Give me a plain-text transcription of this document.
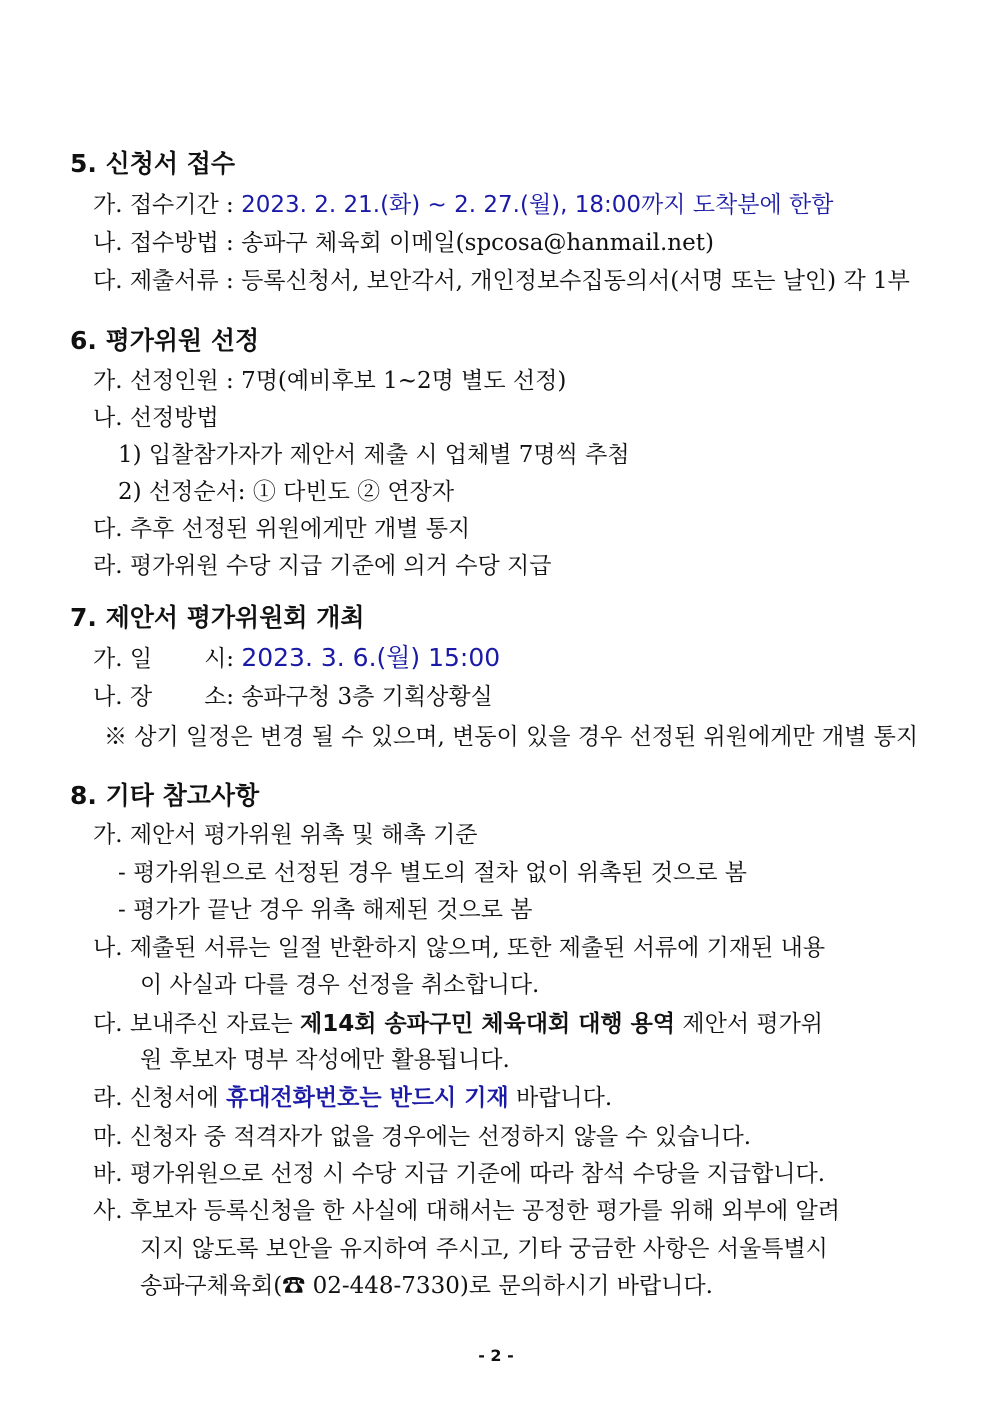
5. 신청서 접수
가. 접수기간 : 2023. 2. 21.(화) ~ 2. 27.(월), 18:00까지 도착분에 한함
나. 접수방법 : 송파구 체육회 이메일(spcosa@hanmail.net)
다. 제출서류 : 등록신청서, 보안각서, 개인정보수집동의서(서명 또는 날인) 각 1부
6. 평가위원 선정
가. 선정인원 : 7명(예비후보 1~2명 별도 선정)
나. 선정방법
1) 입찰참가자가 제안서 제출 시 업체별 7명씩 추첨
2) 선정순서: ① 다빈도 ② 연장자
다. 추후 선정된 위원에게만 개별 통지
라. 평가위원 수당 지급 기준에 의거 수당 지급
7. 제안서 평가위원회 개최
가. 일 시: 2023. 3. 6.(월) 15:00
나. 장 소: 송파구청 3층 기획상황실
※ 상기 일정은 변경 될 수 있으며, 변동이 있을 경우 선정된 위원에게만 개별 통지
8. 기타 참고사항
가. 제안서 평가위원 위촉 및 해촉 기준
- 평가위원으로 선정된 경우 별도의 절차 없이 위촉된 것으로 봄
- 평가가 끝난 경우 위촉 해제된 것으로 봄
나. 제출된 서류는 일절 반환하지 않으며, 또한 제출된 서류에 기재된 내용
이 사실과 다를 경우 선정을 취소합니다.
다. 보내주신 자료는 제14회 송파구민 체육대회 대행 용역 제안서 평가위
원 후보자 명부 작성에만 활용됩니다.
라. 신청서에 휴대전화번호는 반드시 기재 바랍니다.
마. 신청자 중 적격자가 없을 경우에는 선정하지 않을 수 있습니다.
바. 평가위원으로 선정 시 수당 지급 기준에 따라 참석 수당을 지급합니다.
사. 후보자 등록신청을 한 사실에 대해서는 공정한 평가를 위해 외부에 알려
지지 않도록 보안을 유지하여 주시고, 기타 궁금한 사항은 서울특별시
송파구체육회(☎ 02-448-7330)로 문의하시기 바랍니다.
- 2 -
